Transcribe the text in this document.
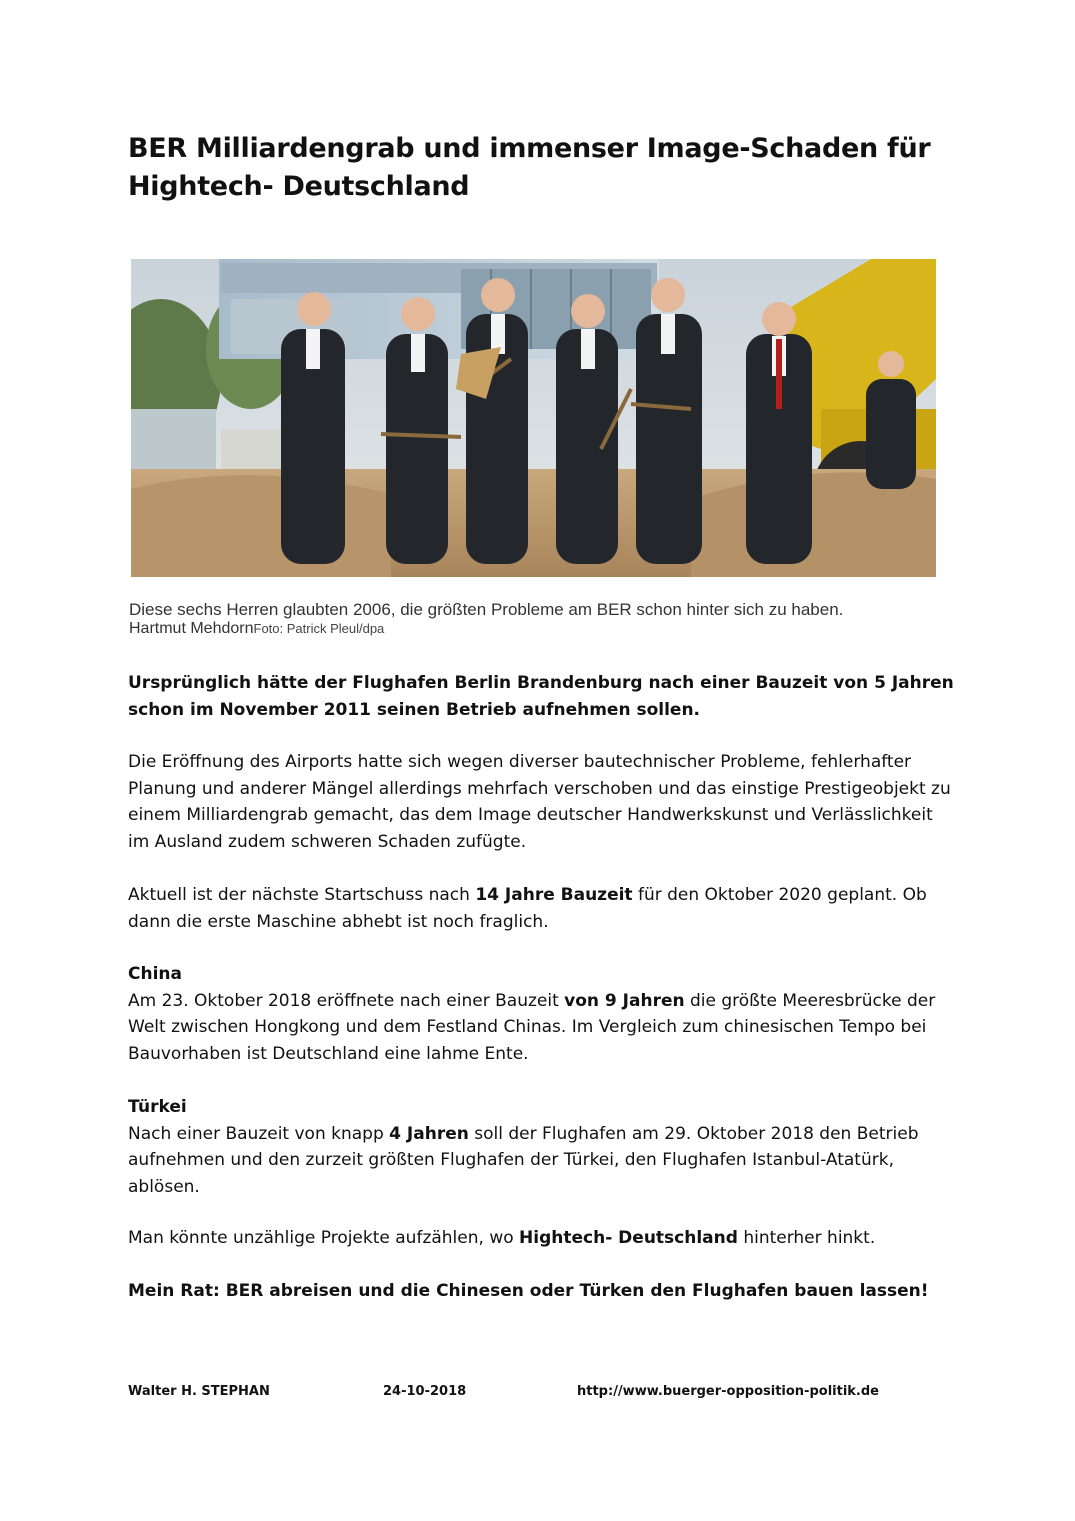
BER Milliardengrab und immenser Image-Schaden für Hightech- Deutschland
Diese sechs Herren glaubten 2006, die größten Probleme am BER schon hinter sich zu haben.
Hartmut MehdornFoto: Patrick Pleul/dpa
Ursprünglich hätte der Flughafen Berlin Brandenburg nach einer Bauzeit von 5 Jahren schon im November 2011 seinen Betrieb aufnehmen sollen.
Die Eröffnung des Airports hatte sich wegen diverser bautechnischer Probleme, fehlerhafter Planung und anderer Mängel allerdings mehrfach verschoben und das einstige Prestigeobjekt zu einem Milliardengrab gemacht, das dem Image deutscher Handwerkskunst und Verlässlichkeit im Ausland zudem schweren Schaden zufügte.
Aktuell ist der nächste Startschuss nach 14 Jahre Bauzeit für den Oktober 2020 geplant. Ob dann die erste Maschine abhebt ist noch fraglich.
China
Am 23. Oktober 2018 eröffnete nach einer Bauzeit von 9 Jahren die größte Meeresbrücke der Welt zwischen Hongkong und dem Festland Chinas. Im Vergleich zum chinesischen Tempo bei Bauvorhaben ist Deutschland eine lahme Ente.
Türkei
Nach einer Bauzeit von knapp 4 Jahren soll der Flughafen am 29. Oktober 2018 den Betrieb aufnehmen und den zurzeit größten Flughafen der Türkei, den Flughafen Istanbul-Atatürk, ablösen.
Man könnte unzählige Projekte aufzählen, wo Hightech- Deutschland hinterher hinkt.
Mein Rat: BER abreisen und die Chinesen oder Türken den Flughafen bauen lassen!
Walter H. STEPHAN	24-10-2018	http://www.buerger-opposition-politik.de
